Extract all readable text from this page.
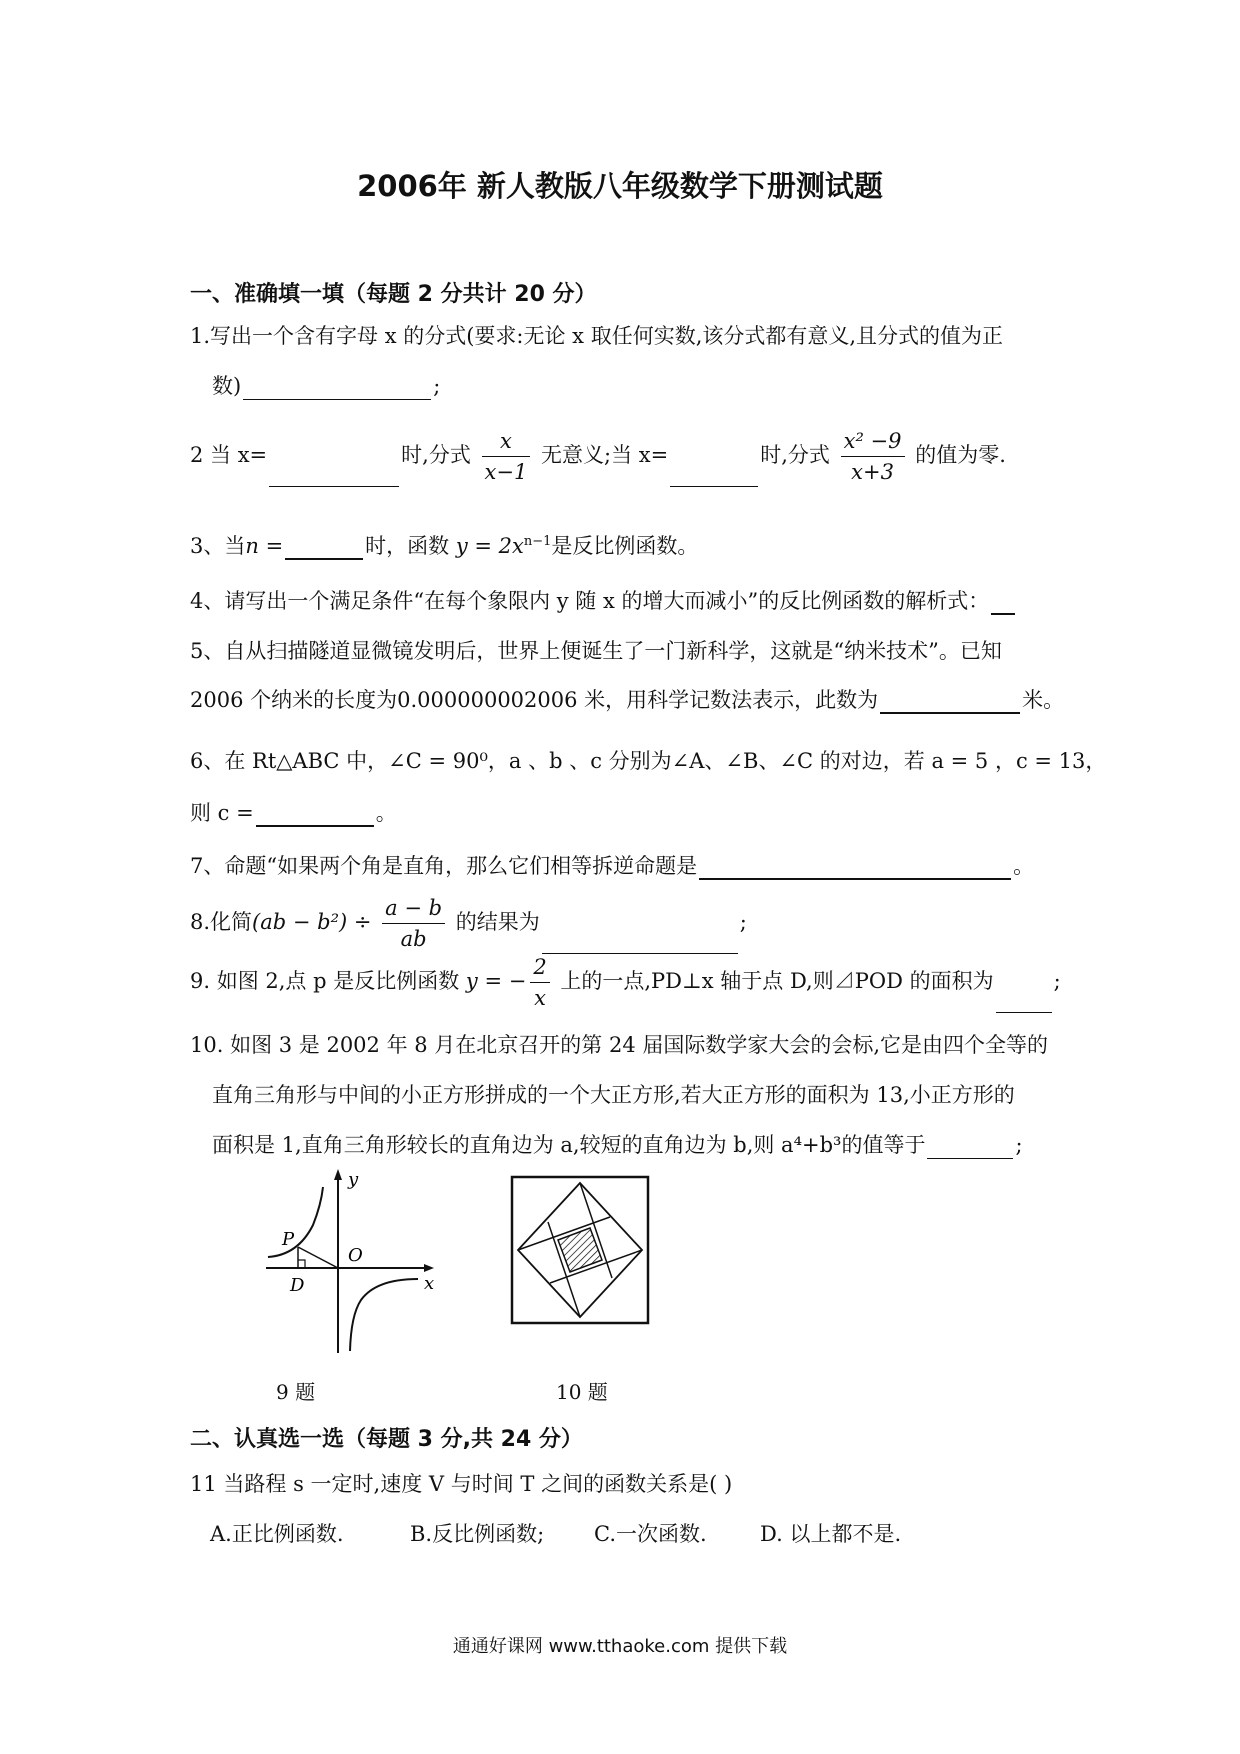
2006年 新人教版八年级数学下册测试题
一、准确填一填（每题 2 分共计 20 分）
1.写出一个含有字母 x 的分式(要求:无论 x 取任何实数,该分式都有意义,且分式的值为正
数)	;
2 当 x=	时,分式 $\frac{x}{x-1}$ 无意义;当 x=	时,分式 $\frac{\text{x² −9}}{x+3}$ 的值为零.
3、当n =	时，函数 $y = 2x^{n-1}$是反比例函数。
4、请写出一个满足条件“在每个象限内 y 随 x 的增大而减小”的反比例函数的解析式：
5、自从扫描隧道显微镜发明后，世界上便诞生了一门新科学，这就是“纳米技术”。已知
2006 个纳米的长度为0.000000002006 米，用科学记数法表示，此数为	米。
6、在 Rt△ABC 中，∠C = 90⁰，a 、b 、c 分别为∠A、∠B、∠C 的对边，若 a = 5 ，c = 13，
则 c =	。
7、命题“如果两个角是直角，那么它们相等拆逆命题是	。
8.化简$(ab - b^2) \div \frac{a - b}{ab}$ 的结果为	;
9. 如图 2,点 p 是反比例函数 y = − $\frac{2}{x}$ 上的一点,PD⊥x 轴于点 D,则⊿POD 的面积为	;
10. 如图 3 是 2002 年 8 月在北京召开的第 24 届国际数学家大会的会标,它是由四个全等的
直角三角形与中间的小正方形拼成的一个大正方形,若大正方形的面积为 13,小正方形的
面积是 1,直角三角形较长的直角边为 a,较短的直角边为 b,则 a⁴+b³的值等于	;
y
x
P
O
D
9 题	10 题
二、认真选一选（每题 3 分,共 24 分）
11 当路程 s 一定时,速度 V 与时间 T 之间的函数关系是( )
A.正比例函数.	B.反比例函数; C.一次函数.	D. 以上都不是.
通通好课网 www.tthaoke.com 提供下载
